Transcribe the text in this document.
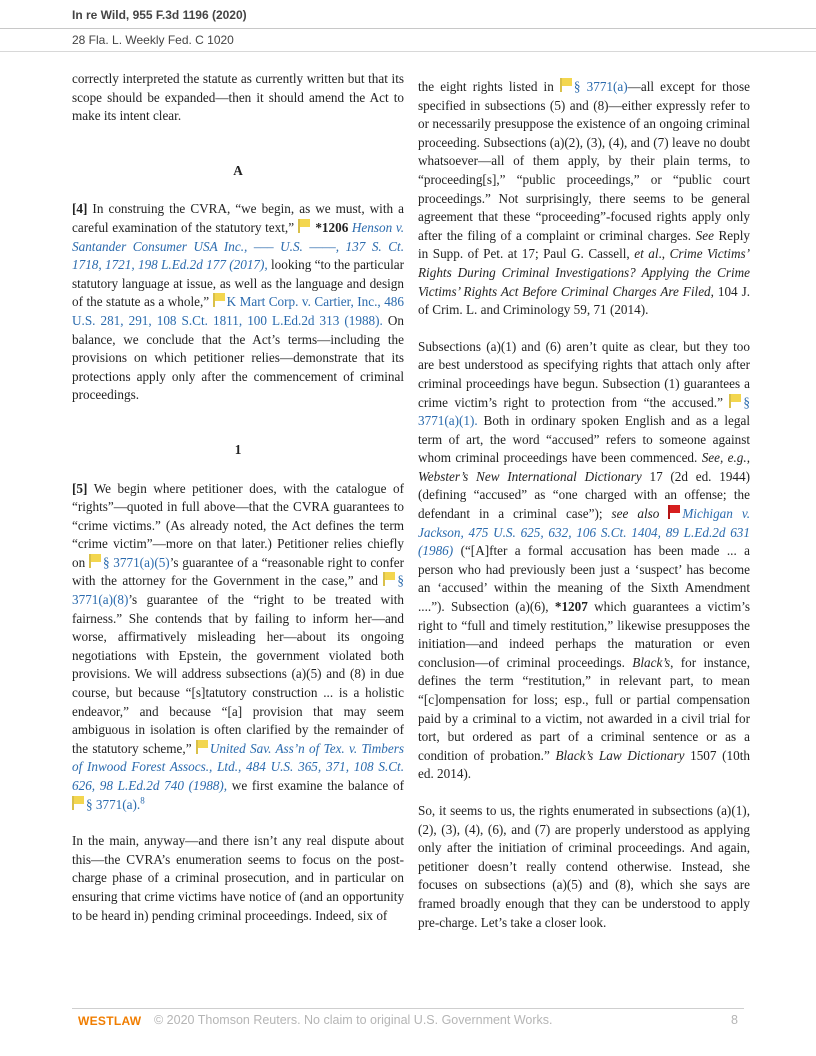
In re Wild, 955 F.3d 1196 (2020)
28 Fla. L. Weekly Fed. C 1020

correctly interpreted the statute as currently written but that its scope should be expanded—then it should amend the Act to make its intent clear.

A

[4] In construing the CVRA, “we begin, as we must, with a careful examination of the statutory text,”  *1206 Henson v. Santander Consumer USA Inc., ––– U.S. ––––, 137 S. Ct. 1718, 1721, 198 L.Ed.2d 177 (2017), looking “to the particular statutory language at issue, as well as the language and design of the statute as a whole,” K Mart Corp. v. Cartier, Inc., 486 U.S. 281, 291, 108 S.Ct. 1811, 100 L.Ed.2d 313 (1988). On balance, we conclude that the Act’s terms—including the provisions on which petitioner relies—demonstrate that its protections apply only after the commencement of criminal proceedings.

1

[5] We begin where petitioner does, with the catalogue of “rights”—quoted in full above—that the CVRA guarantees to “crime victims.” (As already noted, the Act defines the term “crime victim”—more on that later.) Petitioner relies chiefly on § 3771(a)(5)’s guarantee of a “reasonable right to confer with the attorney for the Government in the case,” and § 3771(a)(8)’s guarantee of the “right to be treated with fairness.” She contends that by failing to inform her—and worse, affirmatively misleading her—about its ongoing negotiations with Epstein, the government violated both provisions. We will address subsections (a)(5) and (8) in due course, but because “[s]tatutory construction ... is a holistic endeavor,” and because “[a] provision that may seem ambiguous in isolation is often clarified by the remainder of the statutory scheme,” United Sav. Ass’n of Tex. v. Timbers of Inwood Forest Assocs., Ltd., 484 U.S. 365, 371, 108 S.Ct. 626, 98 L.Ed.2d 740 (1988), we first examine the balance of § 3771(a).$^8$

In the main, anyway—and there isn’t any real dispute about this—the CVRA’s enumeration seems to focus on the post-charge phase of a criminal prosecution, and in particular on ensuring that crime victims have notice of (and an opportunity to be heard in) pending criminal proceedings. Indeed, six of

the eight rights listed in § 3771(a)—all except for those specified in subsections (5) and (8)—either expressly refer to or necessarily presuppose the existence of an ongoing criminal proceeding. Subsections (a)(2), (3), (4), and (7) leave no doubt whatsoever—all of them apply, by their plain terms, to “proceeding[s],” “public proceedings,” or “public court proceedings.” Not surprisingly, there seems to be general agreement that these “proceeding”-focused rights apply only after the filing of a complaint or criminal charges. See Reply in Supp. of Pet. at 17; Paul G. Cassell, et al., Crime Victims’ Rights During Criminal Investigations? Applying the Crime Victims’ Rights Act Before Criminal Charges Are Filed, 104 J. of Crim. L. and Criminology 59, 71 (2014).

Subsections (a)(1) and (6) aren’t quite as clear, but they too are best understood as specifying rights that attach only after criminal proceedings have begun. Subsection (1) guarantees a crime victim’s right to protection from “the accused.” § 3771(a)(1). Both in ordinary spoken English and as a legal term of art, the word “accused” refers to someone against whom criminal proceedings have been commenced. See, e.g., Webster’s New International Dictionary 17 (2d ed. 1944) (defining “accused” as “one charged with an offense; the defendant in a criminal case”); see also Michigan v. Jackson, 475 U.S. 625, 632, 106 S.Ct. 1404, 89 L.Ed.2d 631 (1986) (“[A]fter a formal accusation has been made ... a person who had previously been just a ‘suspect’ has become an ‘accused’ within the meaning of the Sixth Amendment ....”). Subsection (a)(6), *1207 which guarantees a victim’s right to “full and timely restitution,” likewise presupposes the initiation—and indeed perhaps the maturation or even conclusion—of criminal proceedings. Black’s, for instance, defines the term “restitution,” in relevant part, to mean “[c]ompensation for loss; esp., full or partial compensation paid by a criminal to a victim, not awarded in a civil trial for tort, but ordered as part of a criminal sentence or as a condition of probation.” Black’s Law Dictionary 1507 (10th ed. 2014).

So, it seems to us, the rights enumerated in subsections (a)(1), (2), (3), (4), (6), and (7) are properly understood as applying only after the initiation of criminal proceedings. And again, petitioner doesn’t really contend otherwise. Instead, she focuses on subsections (a)(5) and (8), which she says are framed broadly enough that they can be understood to apply pre-charge. Let’s take a closer look.

WESTLAW © 2020 Thomson Reuters. No claim to original U.S. Government Works.	8
